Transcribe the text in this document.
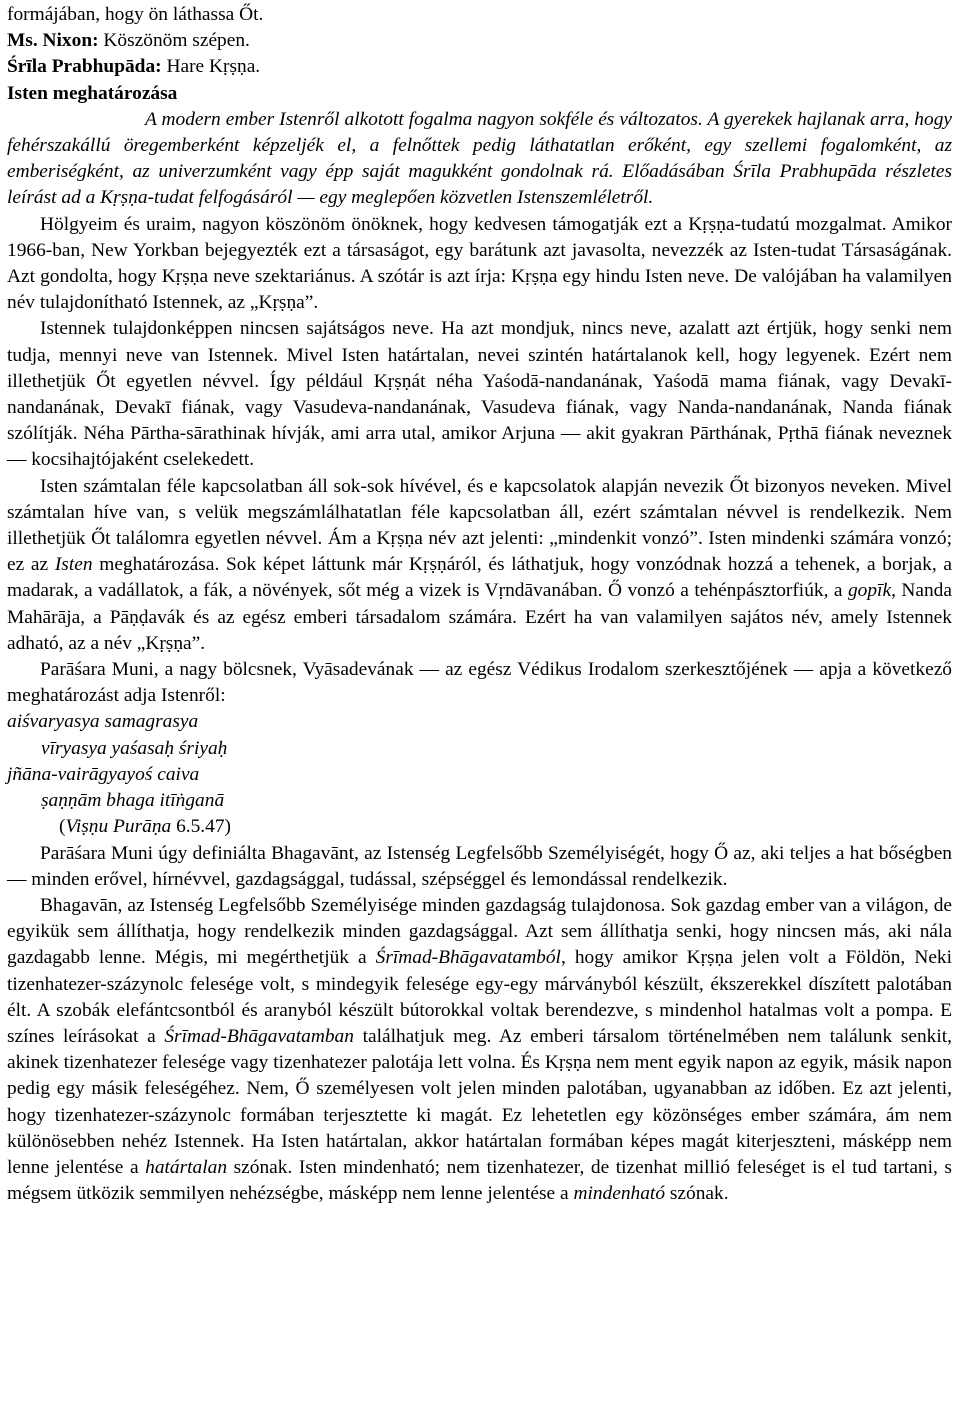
formájában, hogy ön láthassa Őt.

Ms. Nixon: Köszönöm szépen.

Śrīla Prabhupāda: Hare Kṛṣṇa.

Isten meghatározása

A modern ember Istenről alkotott fogalma nagyon sokféle és változatos. A gyerekek hajlanak arra, hogy fehérszakállú öregemberként képzeljék el, a felnőttek pedig láthatatlan erőként, egy szellemi fogalomként, az emberiségként, az univerzumként vagy épp saját magukként gondolnak rá. Előadásában Śrīla Prabhupāda részletes leírást ad a Kṛṣṇa-tudat felfogásáról — egy meglepően közvetlen Istenszemléletről.

Hölgyeim és uraim, nagyon köszönöm önöknek, hogy kedvesen támogatják ezt a Kṛṣṇa-tudatú mozgalmat. Amikor 1966-ban, New Yorkban bejegyezték ezt a társaságot, egy barátunk azt javasolta, nevezzék az Isten-tudat Társaságának. Azt gondolta, hogy Kṛṣṇa neve szektariánus. A szótár is azt írja: Kṛṣṇa egy hindu Isten neve. De valójában ha valamilyen név tulajdonítható Istennek, az „Kṛṣṇa”.

Istennek tulajdonképpen nincsen sajátságos neve. Ha azt mondjuk, nincs neve, azalatt azt értjük, hogy senki nem tudja, mennyi neve van Istennek. Mivel Isten határtalan, nevei szintén határtalanok kell, hogy legyenek. Ezért nem illethetjük Őt egyetlen névvel. Így például Kṛṣṇát néha Yaśodā-nandanának, Yaśodā mama fiának, vagy Devakī-nandanának, Devakī fiának, vagy Vasudeva-nandanának, Vasudeva fiának, vagy Nanda-nandanának, Nanda fiának szólítják. Néha Pārtha-sārathinak hívják, ami arra utal, amikor Arjuna — akit gyakran Pārthának, Pṛthā fiának neveznek — kocsihajtójaként cselekedett.

Isten számtalan féle kapcsolatban áll sok-sok hívével, és e kapcsolatok alapján nevezik Őt bizonyos neveken. Mivel számtalan híve van, s velük megszámlálhatatlan féle kapcsolatban áll, ezért számtalan névvel is rendelkezik. Nem illethetjük Őt találomra egyetlen névvel. Ám a Kṛṣṇa név azt jelenti: „mindenkit vonzó”. Isten mindenki számára vonzó; ez az Isten meghatározása. Sok képet láttunk már Kṛṣṇáról, és láthatjuk, hogy vonzódnak hozzá a tehenek, a borjak, a madarak, a vadállatok, a fák, a növények, sőt még a vizek is Vṛndāvanában. Ő vonzó a tehénpásztorfiúk, a gopīk, Nanda Mahārāja, a Pāṇḍavák és az egész emberi társadalom számára. Ezért ha van valamilyen sajátos név, amely Istennek adható, az a név „Kṛṣṇa”.

Parāśara Muni, a nagy bölcsnek, Vyāsadevának — az egész Védikus Irodalom szerkesztőjének — apja a következő meghatározást adja Istenről:

aiśvaryasya samagrasya

vīryasya yaśasaḥ śriyaḥ

jñāna-vairāgyayoś caiva

ṣaṇṇām bhaga itīṅganā

(Viṣṇu Purāṇa 6.5.47)

Parāśara Muni úgy definiálta Bhagavānt, az Istenség Legfelsőbb Személyiségét, hogy Ő az, aki teljes a hat bőségben — minden erővel, hírnévvel, gazdagsággal, tudással, szépséggel és lemondással rendelkezik.

Bhagavān, az Istenség Legfelsőbb Személyisége minden gazdagság tulajdonosa. Sok gazdag ember van a világon, de egyikük sem állíthatja, hogy rendelkezik minden gazdagsággal. Azt sem állíthatja senki, hogy nincsen más, aki nála gazdagabb lenne. Mégis, mi megérthetjük a Śrīmad-Bhāgavatamból, hogy amikor Kṛṣṇa jelen volt a Földön, Neki tizenhatezer-százynolc felesége volt, s mindegyik felesége egy-egy márványból készült, ékszerekkel díszített palotában élt. A szobák elefántcsontból és aranyból készült bútorokkal voltak berendezve, s mindenhol hatalmas volt a pompa. E színes leírásokat a Śrīmad-Bhāgavatamban találhatjuk meg. Az emberi társalom történelmében nem találunk senkit, akinek tizenhatezer felesége vagy tizenhatezer palotája lett volna. És Kṛṣṇa nem ment egyik napon az egyik, másik napon pedig egy másik feleségéhez. Nem, Ő személyesen volt jelen minden palotában, ugyanabban az időben. Ez azt jelenti, hogy tizenhatezer-százynolc formában terjesztette ki magát. Ez lehetetlen egy közönséges ember számára, ám nem különösebben nehéz Istennek. Ha Isten határtalan, akkor határtalan formában képes magát kiterjeszteni, másképp nem lenne jelentése a határtalan szónak. Isten mindenható; nem tizenhatezer, de tizenhat millió feleséget is el tud tartani, s mégsem ütközik semmilyen nehézségbe, másképp nem lenne jelentése a mindenható szónak.
